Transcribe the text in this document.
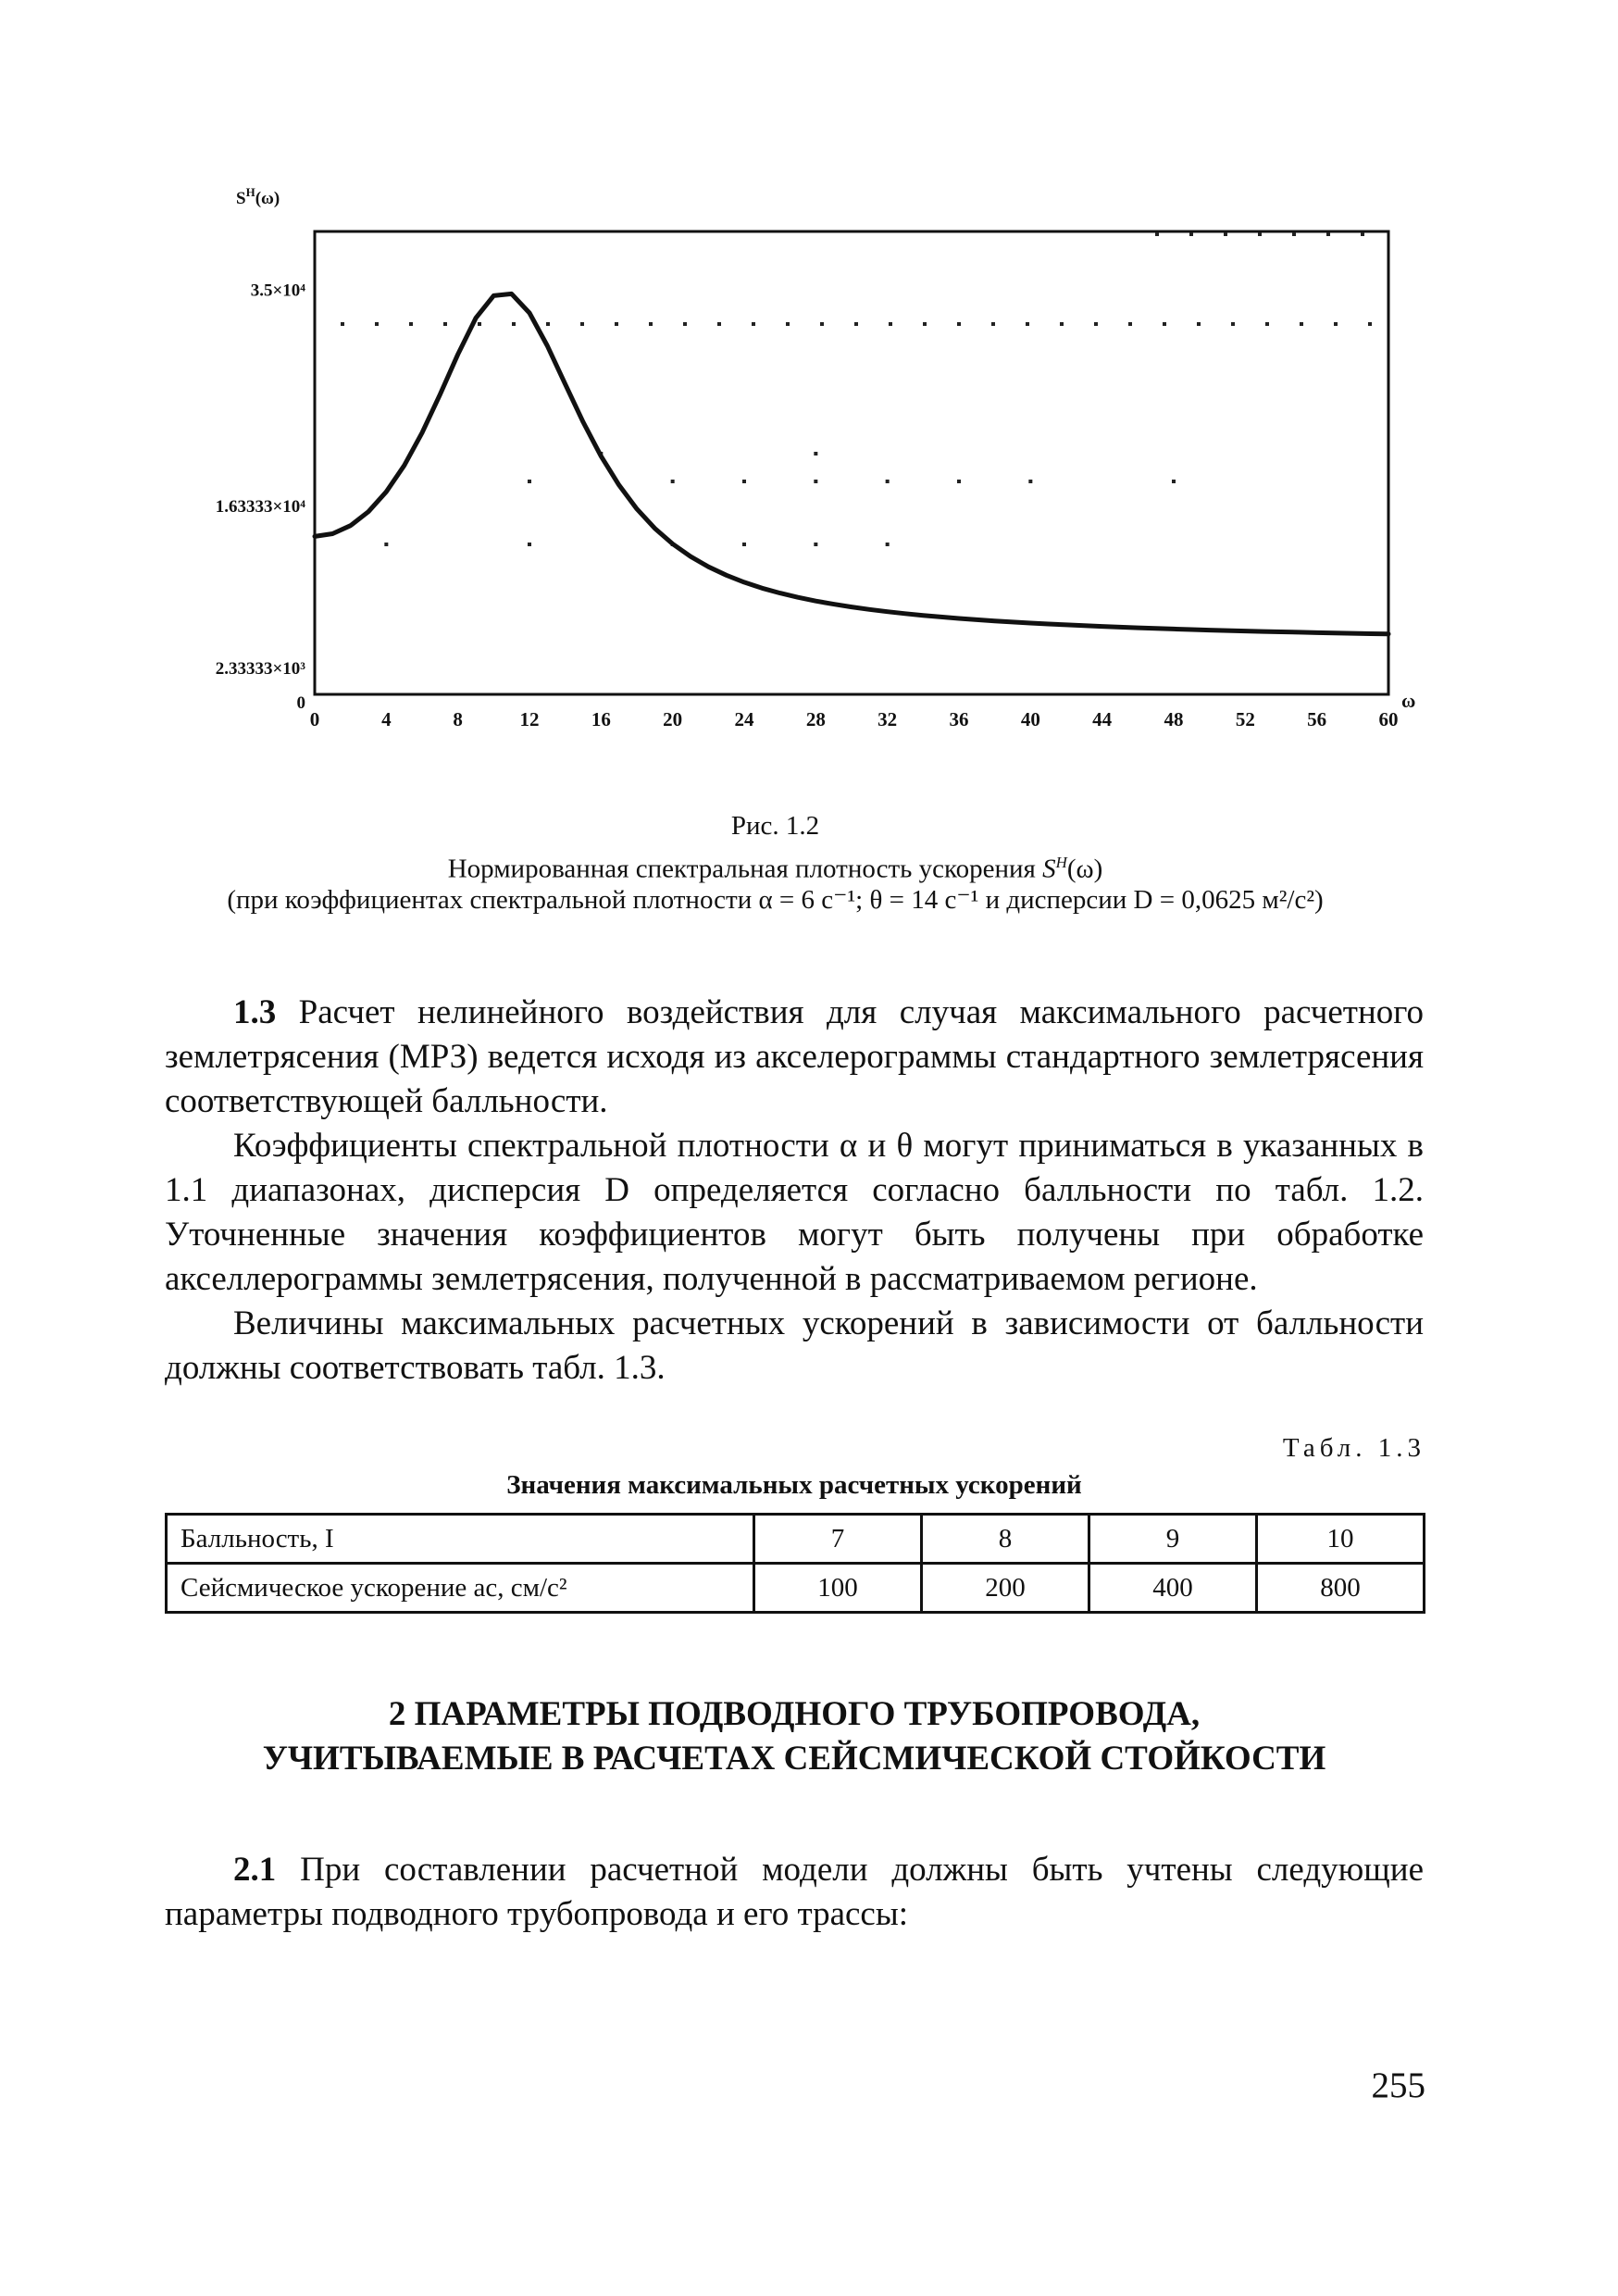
$S^H(\omega)$
3.5×10⁴
1.63333×10⁴
2.33333×10³
0
0	4	8	12	16	20	24	28	32	36	40	44	48	52	56	60
ω
Рис. 1.2
Нормированная спектральная плотность ускорения $S^H(\omega)$
(при коэффициентах спектральной плотности α = 6 с⁻¹; θ = 14 с⁻¹ и дисперсии D = 0,0625 м²/с²)
1.3 Расчет нелинейного воздействия для случая максимального расчетного землетрясения (МРЗ) ведется исходя из акселерограммы стандартного землетрясения соответствующей балльности.
Коэффициенты спектральной плотности α и θ могут приниматься в указанных в 1.1 диапазонах, дисперсия D определяется согласно балльности по табл. 1.2. Уточненные значения коэффициентов могут быть получены при обработке акселлерограммы землетрясения, полученной в рассматриваемом регионе.
Величины максимальных расчетных ускорений в зависимости от балльности должны соответствовать табл. 1.3.
Табл. 1.3
Значения максимальных расчетных ускорений
Балльность, I	7	8	9	10
Сейсмическое ускорение aс, см/с²	100	200	400	800
2 ПАРАМЕТРЫ ПОДВОДНОГО ТРУБОПРОВОДА,
УЧИТЫВАЕМЫЕ В РАСЧЕТАХ СЕЙСМИЧЕСКОЙ СТОЙКОСТИ
2.1 При составлении расчетной модели должны быть учтены следующие параметры подводного трубопровода и его трассы:
255
